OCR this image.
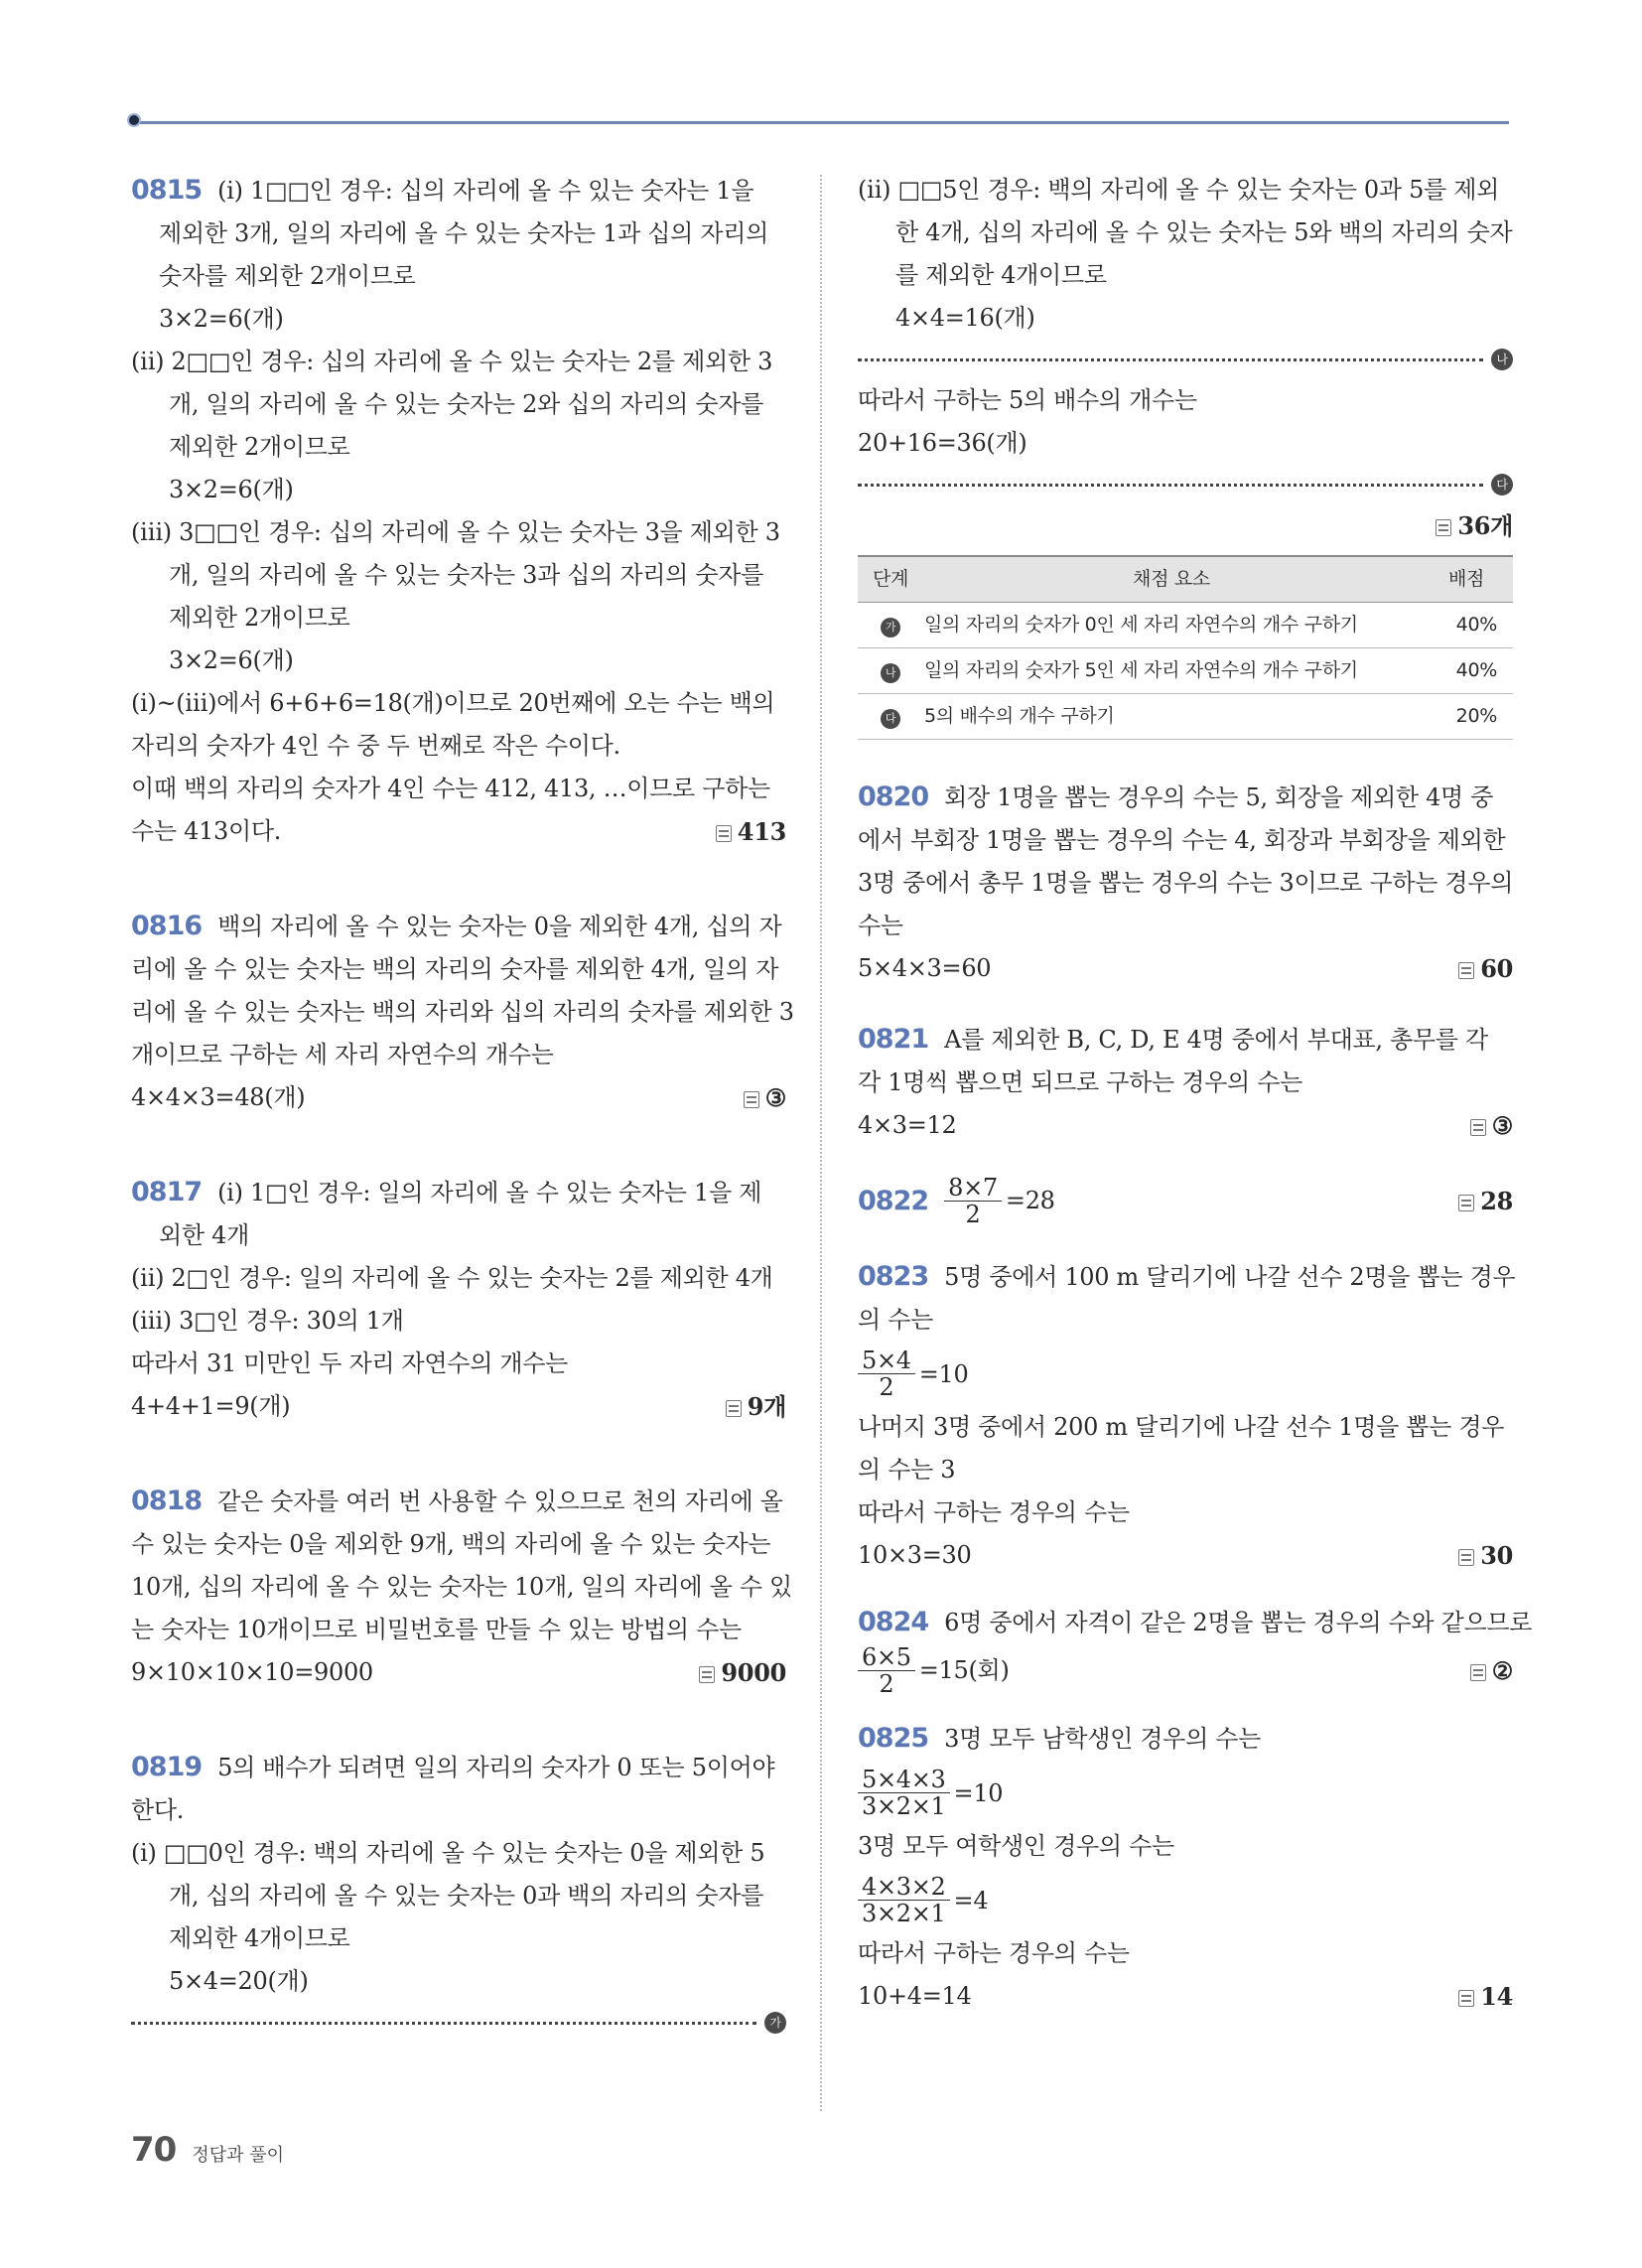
0815 (ⅰ) 1□□인 경우: 십의 자리에 올 수 있는 숫자는 1을
제외한 3개, 일의 자리에 올 수 있는 숫자는 1과 십의 자리의
숫자를 제외한 2개이므로
3×2=6(개)
(ⅱ) 2□□인 경우: 십의 자리에 올 수 있는 숫자는 2를 제외한 3
개, 일의 자리에 올 수 있는 숫자는 2와 십의 자리의 숫자를
제외한 2개이므로
3×2=6(개)
(ⅲ) 3□□인 경우: 십의 자리에 올 수 있는 숫자는 3을 제외한 3
개, 일의 자리에 올 수 있는 숫자는 3과 십의 자리의 숫자를
제외한 2개이므로
3×2=6(개)
(ⅰ)~(ⅲ)에서 6+6+6=18(개)이므로 20번째에 오는 수는 백의
자리의 숫자가 4인 수 중 두 번째로 작은 수이다.
이때 백의 자리의 숫자가 4인 수는 412, 413, …이므로 구하는
수는 413이다.	413
0816 백의 자리에 올 수 있는 숫자는 0을 제외한 4개, 십의 자
리에 올 수 있는 숫자는 백의 자리의 숫자를 제외한 4개, 일의 자
리에 올 수 있는 숫자는 백의 자리와 십의 자리의 숫자를 제외한 3
개이므로 구하는 세 자리 자연수의 개수는
4×4×3=48(개)	③
0817 (ⅰ) 1□인 경우: 일의 자리에 올 수 있는 숫자는 1을 제
외한 4개
(ⅱ) 2□인 경우: 일의 자리에 올 수 있는 숫자는 2를 제외한 4개
(ⅲ) 3□인 경우: 30의 1개
따라서 31 미만인 두 자리 자연수의 개수는
4+4+1=9(개)	9개
0818 같은 숫자를 여러 번 사용할 수 있으므로 천의 자리에 올
수 있는 숫자는 0을 제외한 9개, 백의 자리에 올 수 있는 숫자는
10개, 십의 자리에 올 수 있는 숫자는 10개, 일의 자리에 올 수 있
는 숫자는 10개이므로 비밀번호를 만들 수 있는 방법의 수는
9×10×10×10=9000	9000
0819 5의 배수가 되려면 일의 자리의 숫자가 0 또는 5이어야
한다.
(ⅰ) □□0인 경우: 백의 자리에 올 수 있는 숫자는 0을 제외한 5
개, 십의 자리에 올 수 있는 숫자는 0과 백의 자리의 숫자를
제외한 4개이므로
5×4=20(개)
가
(ⅱ) □□5인 경우: 백의 자리에 올 수 있는 숫자는 0과 5를 제외
한 4개, 십의 자리에 올 수 있는 숫자는 5와 백의 자리의 숫자
를 제외한 4개이므로
4×4=16(개)
나
따라서 구하는 5의 배수의 개수는
20+16=36(개)
다
36개
단계	채점 요소	배점
가	일의 자리의 숫자가 0인 세 자리 자연수의 개수 구하기	40%
나	일의 자리의 숫자가 5인 세 자리 자연수의 개수 구하기	40%
다	5의 배수의 개수 구하기	20%
0820 회장 1명을 뽑는 경우의 수는 5, 회장을 제외한 4명 중
에서 부회장 1명을 뽑는 경우의 수는 4, 회장과 부회장을 제외한
3명 중에서 총무 1명을 뽑는 경우의 수는 3이므로 구하는 경우의
수는
5×4×3=60	60
0821 A를 제외한 B, C, D, E 4명 중에서 부대표, 총무를 각
각 1명씩 뽑으면 되므로 구하는 경우의 수는
4×3=12	③
$0822 \frac{8\times 7}{2} =28$	28
0823 5명 중에서 100 m 달리기에 나갈 선수 2명을 뽑는 경우
의 수는
$\frac{5\times 4}{2} =10$
나머지 3명 중에서 200 m 달리기에 나갈 선수 1명을 뽑는 경우
의 수는 3
따라서 구하는 경우의 수는
10×3=30	30
0824 6명 중에서 자격이 같은 2명을 뽑는 경우의 수와 같으므로
$\frac{6\times 5}{2} =15$(회)	②
0825 3명 모두 남학생인 경우의 수는
$\frac{5\times 4\times 3}{3\times 2\times 1} =10$
3명 모두 여학생인 경우의 수는
$\frac{4\times 3\times 2}{3\times 2\times 1} =4$
따라서 구하는 경우의 수는
10+4=14	14
70 정답과 풀이
